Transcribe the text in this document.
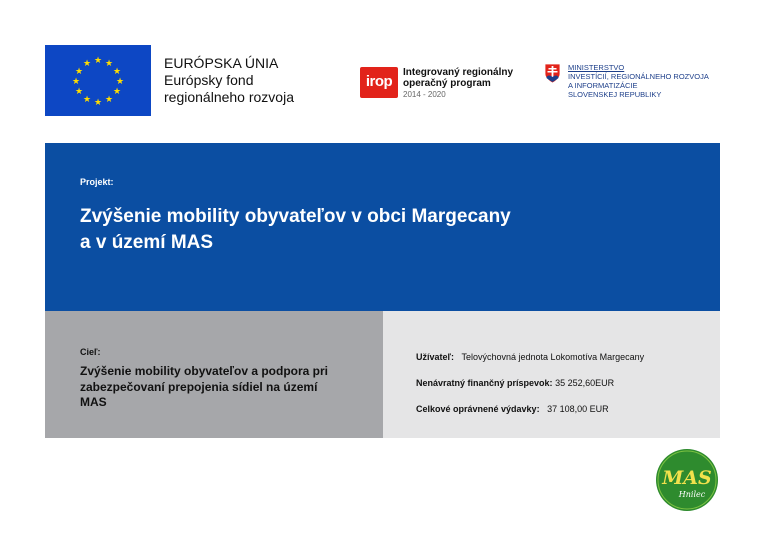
★ ★
★
★
★
★
★
★
★
★
★
★	EURÓPSKA ÚNIA
Európsky fond
regionálneho rozvoja
irop
Integrovaný regionálny
operačný program
2014 - 2020
MINISTERSTVO
INVESTÍCIÍ, REGIONÁLNEHO ROZVOJA
A INFORMATIZÁCIE
SLOVENSKEJ REPUBLIKY
Projekt:
Zvýšenie mobility obyvateľov v obci Margecany
a v území MAS
Cieľ:
Zvýšenie mobility obyvateľov a podpora pri
zabezpečovaní prepojenia sídiel na území
MAS
Užívateľ: Telovýchovná jednota Lokomotíva Margecany
Nenávratný finančný príspevok: 35 252,60EUR
Celkové oprávnené výdavky: 37 108,00 EUR
MAS
Hnilec
